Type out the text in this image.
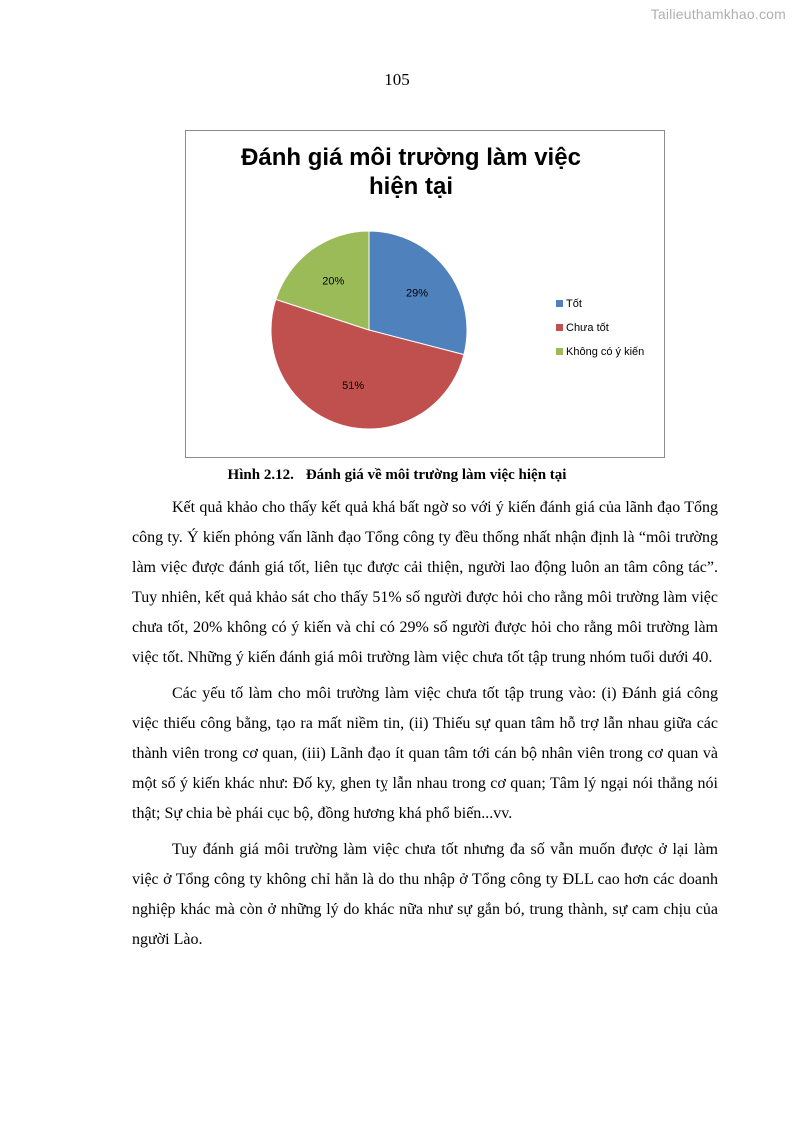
Tailieuthamkhao.com
105
Đánh giá môi trường làm việc
hiện tại
29%
51%
20%
Tốt
Chưa tốt
Không có ý kiến
Hình 2.12. Đánh giá về môi trường làm việc hiện tại

Kết quả khảo cho thấy kết quả khá bất ngờ so với ý kiến đánh giá của lãnh đạo Tổng công ty. Ý kiến phỏng vấn lãnh đạo Tổng công ty đều thống nhất nhận định là “môi trường làm việc được đánh giá tốt, liên tục được cải thiện, người lao động luôn an tâm công tác”. Tuy nhiên, kết quả khảo sát cho thấy 51% số người được hỏi cho rằng môi trường làm việc chưa tốt, 20% không có ý kiến và chỉ có 29% số người được hỏi cho rằng môi trường làm việc tốt. Những ý kiến đánh giá môi trường làm việc chưa tốt tập trung nhóm tuổi dưới 40.

Các yếu tố làm cho môi trường làm việc chưa tốt tập trung vào: (i) Đánh giá công việc thiếu công bằng, tạo ra mất niềm tin, (ii) Thiếu sự quan tâm hỗ trợ lẫn nhau giữa các thành viên trong cơ quan, (iii) Lãnh đạo ít quan tâm tới cán bộ nhân viên trong cơ quan và một số ý kiến khác như: Đố ky, ghen tỵ lẫn nhau trong cơ quan; Tâm lý ngại nói thẳng nói thật; Sự chia bè phái cục bộ, đồng hương khá phổ biến...vv.

Tuy đánh giá môi trường làm việc chưa tốt nhưng đa số vẫn muốn được ở lại làm việc ở Tổng công ty không chỉ hẳn là do thu nhập ở Tổng công ty ĐLL cao hơn các doanh nghiệp khác mà còn ở những lý do khác nữa như sự gắn bó, trung thành, sự cam chịu của người Lào.
